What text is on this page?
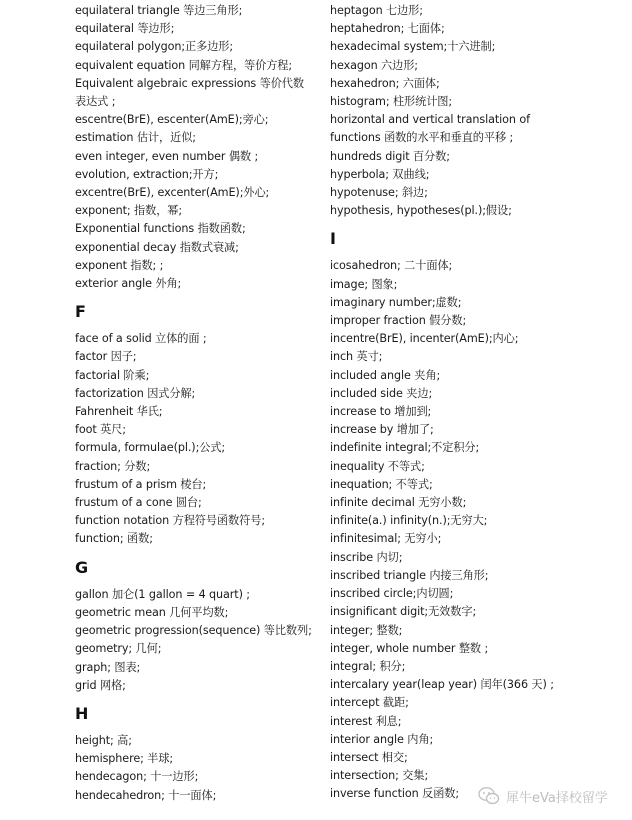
equilateral triangle 等边三角形;
equilateral 等边形;
equilateral polygon;正多边形;
equivalent equation 同解方程，等价方程;
Equivalent algebraic expressions 等价代数表达式 ;
escentre(BrE), escenter(AmE);旁心;
estimation 估计，近似;
even integer, even number 偶数 ;
evolution, extraction;开方;
excentre(BrE), excenter(AmE);外心;
exponent; 指数，幂;
Exponential functions 指数函数;
exponential decay 指数式衰减;
exponent 指数; ;
exterior angle 外角;
F
face of a solid 立体的面 ;
factor 因子;
factorial 阶乘;
factorization 因式分解;
Fahrenheit 华氏;
foot 英尺;
formula, formulae(pl.);公式;
fraction; 分数;
frustum of a prism 棱台;
frustum of a cone 圆台;
function notation 方程符号函数符号;
function; 函数;
G
gallon 加仑(1 gallon = 4 quart) ;
geometric mean 几何平均数;
geometric progression(sequence) 等比数列;
geometry; 几何;
graph; 图表;
grid 网格;
H
height; 高;
hemisphere; 半球;
hendecagon; 十一边形;
hendecahedron; 十一面体;
heptagon 七边形;
heptahedron; 七面体;
hexadecimal system;十六进制;
hexagon 六边形;
hexahedron; 六面体;
histogram; 柱形统计图;
horizontal and vertical translation of functions 函数的水平和垂直的平移 ;
hundreds digit 百分数;
hyperbola; 双曲线;
hypotenuse; 斜边;
hypothesis, hypotheses(pl.);假设;
I
icosahedron; 二十面体;
image; 图象;
imaginary number;虚数;
improper fraction 假分数;
incentre(BrE), incenter(AmE);内心;
inch 英寸;
included angle 夹角;
included side 夹边;
increase to 增加到;
increase by 增加了;
indefinite integral;不定积分;
inequality 不等式;
inequation; 不等式;
infinite decimal 无穷小数;
infinite(a.) infinity(n.);无穷大;
infinitesimal; 无穷小;
inscribe 内切;
inscribed triangle 内接三角形;
inscribed circle;内切圆;
insignificant digit;无效数字;
integer; 整数;
integer, whole number 整数 ;
integral; 积分;
intercalary year(leap year) 闰年(366 天) ;
intercept 截距;
interest 利息;
interior angle 内角;
intersect 相交;
intersection; 交集;
inverse function 反函数;	犀牛eVa择校留学
